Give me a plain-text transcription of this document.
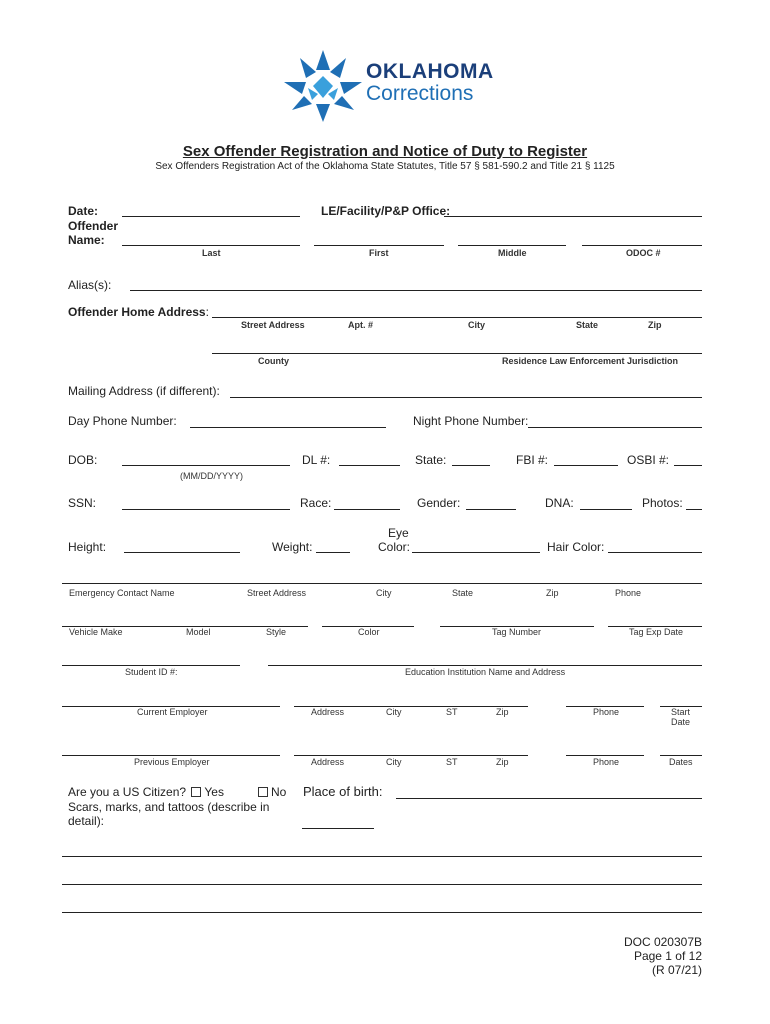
OKLAHOMA
Corrections
Sex Offender Registration and Notice of Duty to Register
Sex Offenders Registration Act of the Oklahoma State Statutes, Title 57 § 581-590.2 and Title 21 § 1125
Date:	LE/Facility/P&P Office:
Offender
Name:
Last	First	Middle	ODOC #
Alias(s):
Offender Home Address:
Street Address	Apt. #	City	State	Zip
County	Residence Law Enforcement Jurisdiction
Mailing Address (if different):
Day Phone Number:	Night Phone Number:
DOB:	DL #:	State:	FBI #:	OSBI #:
(MM/DD/YYYY)
SSN:	Race:	Gender:	DNA:	Photos:
Height:	Weight:
Eye
Color:	Hair Color:
Emergency Contact Name	Street Address	City	State	Zip	Phone
Vehicle Make	Model	Style	Color	Tag Number	Tag Exp Date
Student ID #:	Education Institution Name and Address
Current Employer	Address	City	ST	Zip	Phone	Start
Date
Previous Employer	Address	City	ST	Zip	Phone	Dates
Are you a US Citizen? Yes	No Place of birth:
Scars, marks, and tattoos (describe in
detail):
DOC 020307B
Page 1 of 12
(R 07/21)
